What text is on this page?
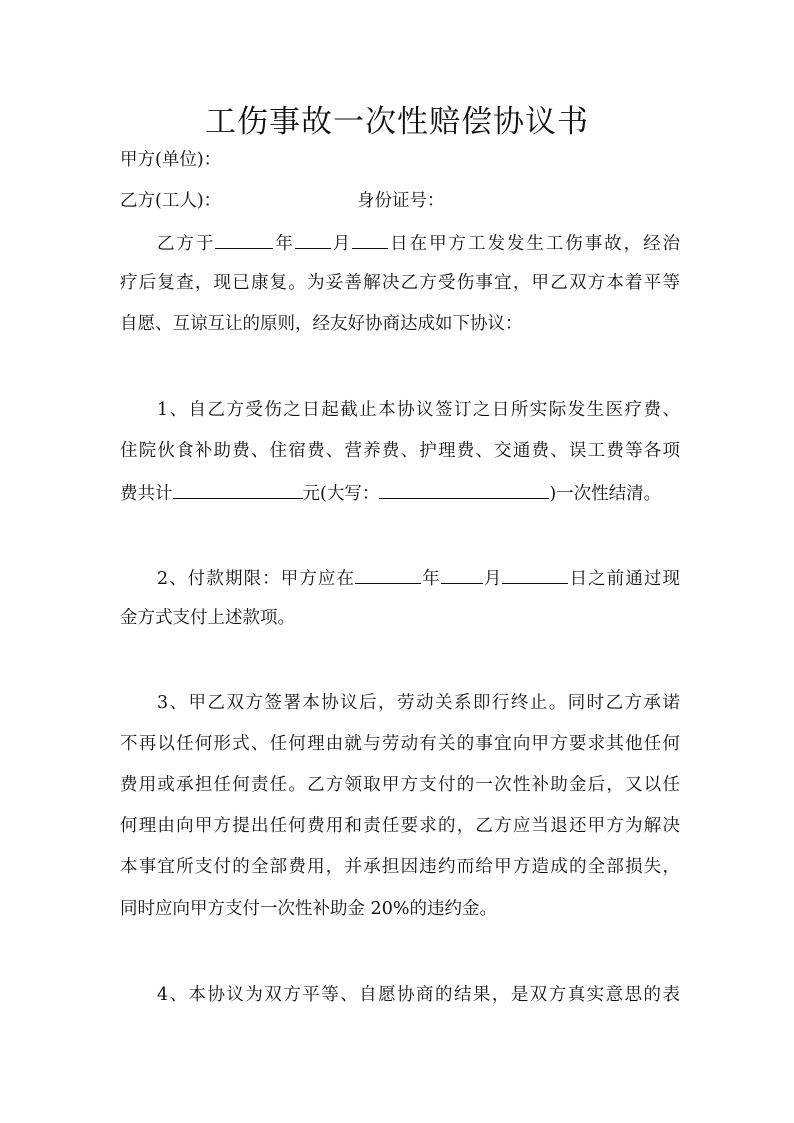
工伤事故一次性赔偿协议书
甲方(单位)：
乙方(工人)：	身份证号：
乙方于	年 月 日在甲方工发发生工伤事故，经治
疗后复查，现已康复。为妥善解决乙方受伤事宜，甲乙双方本着平等
自愿、互谅互让的原则，经友好协商达成如下协议：
1、自乙方受伤之日起截止本协议签订之日所实际发生医疗费、
住院伙食补助费、住宿费、营养费、护理费、交通费、误工费等各项
费共计	元(大写：	)一次性结清。
2、付款期限：甲方应在	年 月	日之前通过现
金方式支付上述款项。
3、甲乙双方签署本协议后，劳动关系即行终止。同时乙方承诺
不再以任何形式、任何理由就与劳动有关的事宜向甲方要求其他任何
费用或承担任何责任。乙方领取甲方支付的一次性补助金后，又以任
何理由向甲方提出任何费用和责任要求的，乙方应当退还甲方为解决
本事宜所支付的全部费用，并承担因违约而给甲方造成的全部损失，
同时应向甲方支付一次性补助金 20%的违约金。
4、本协议为双方平等、自愿协商的结果，是双方真实意思的表
